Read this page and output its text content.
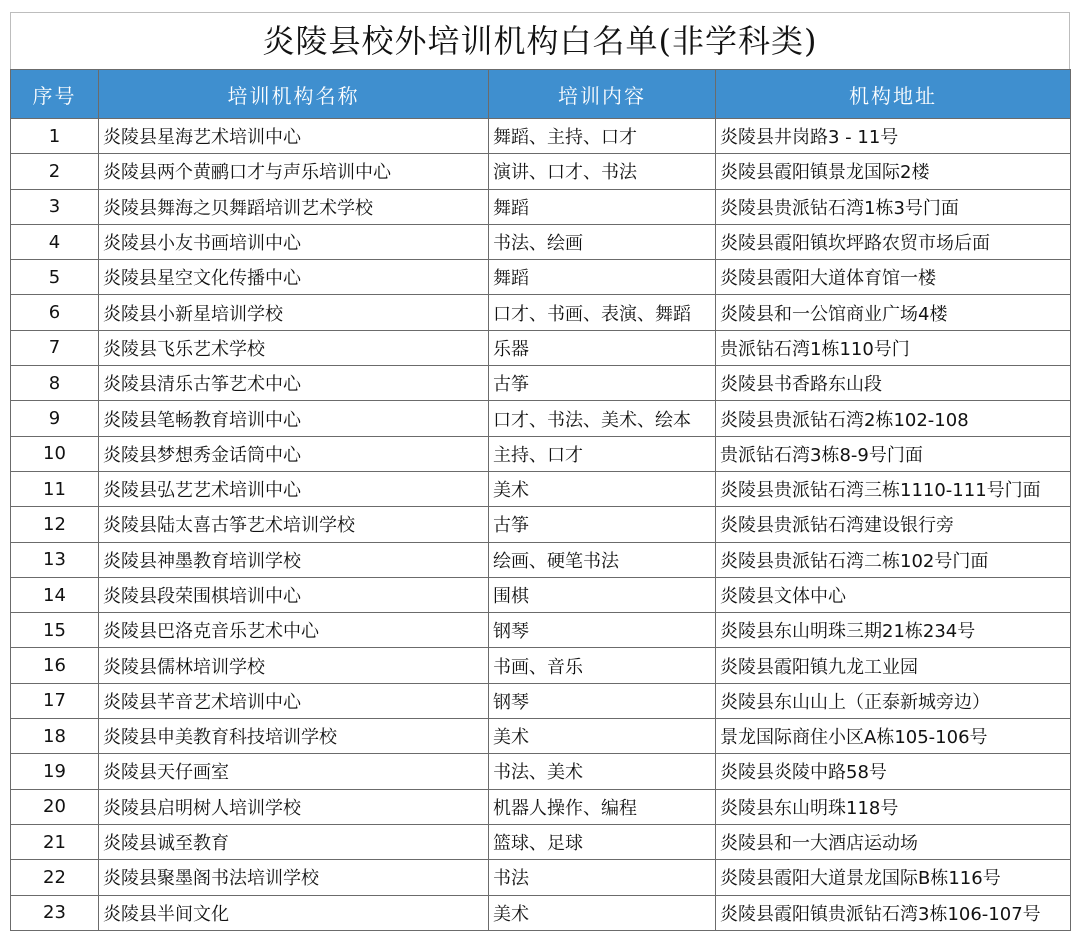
炎陵县校外培训机构白名单(非学科类)
序号	培训机构名称	培训内容	机构地址
1	炎陵县星海艺术培训中心	舞蹈、主持、口才	炎陵县井岗路3 - 11号
2	炎陵县两个黄鹂口才与声乐培训中心	演讲、口才、书法	炎陵县霞阳镇景龙国际2楼
3	炎陵县舞海之贝舞蹈培训艺术学校	舞蹈	炎陵县贵派钻石湾1栋3号门面
4	炎陵县小友书画培训中心	书法、绘画	炎陵县霞阳镇坎坪路农贸市场后面
5	炎陵县星空文化传播中心	舞蹈	炎陵县霞阳大道体育馆一楼
6	炎陵县小新星培训学校	口才、书画、表演、舞蹈	炎陵县和一公馆商业广场4楼
7	炎陵县飞乐艺术学校	乐器	贵派钻石湾1栋110号门
8	炎陵县清乐古筝艺术中心	古筝	炎陵县书香路东山段
9	炎陵县笔畅教育培训中心	口才、书法、美术、绘本	炎陵县贵派钻石湾2栋102-108
10	炎陵县梦想秀金话筒中心	主持、口才	贵派钻石湾3栋8-9号门面
11	炎陵县弘艺艺术培训中心	美术	炎陵县贵派钻石湾三栋1110-111号门面
12	炎陵县陆太喜古筝艺术培训学校	古筝	炎陵县贵派钻石湾建设银行旁
13	炎陵县神墨教育培训学校	绘画、硬笔书法	炎陵县贵派钻石湾二栋102号门面
14	炎陵县段荣围棋培训中心	围棋	炎陵县文体中心
15	炎陵县巴洛克音乐艺术中心	钢琴	炎陵县东山明珠三期21栋234号
16	炎陵县儒林培训学校	书画、音乐	炎陵县霞阳镇九龙工业园
17	炎陵县芊音艺术培训中心	钢琴	炎陵县东山山上（正泰新城旁边）
18	炎陵县申美教育科技培训学校	美术	景龙国际商住小区A栋105-106号
19	炎陵县天仔画室	书法、美术	炎陵县炎陵中路58号
20	炎陵县启明树人培训学校	机器人操作、编程	炎陵县东山明珠118号
21	炎陵县诚至教育	篮球、足球	炎陵县和一大酒店运动场
22	炎陵县聚墨阁书法培训学校	书法	炎陵县霞阳大道景龙国际B栋116号
23	炎陵县半间文化	美术	炎陵县霞阳镇贵派钻石湾3栋106-107号
